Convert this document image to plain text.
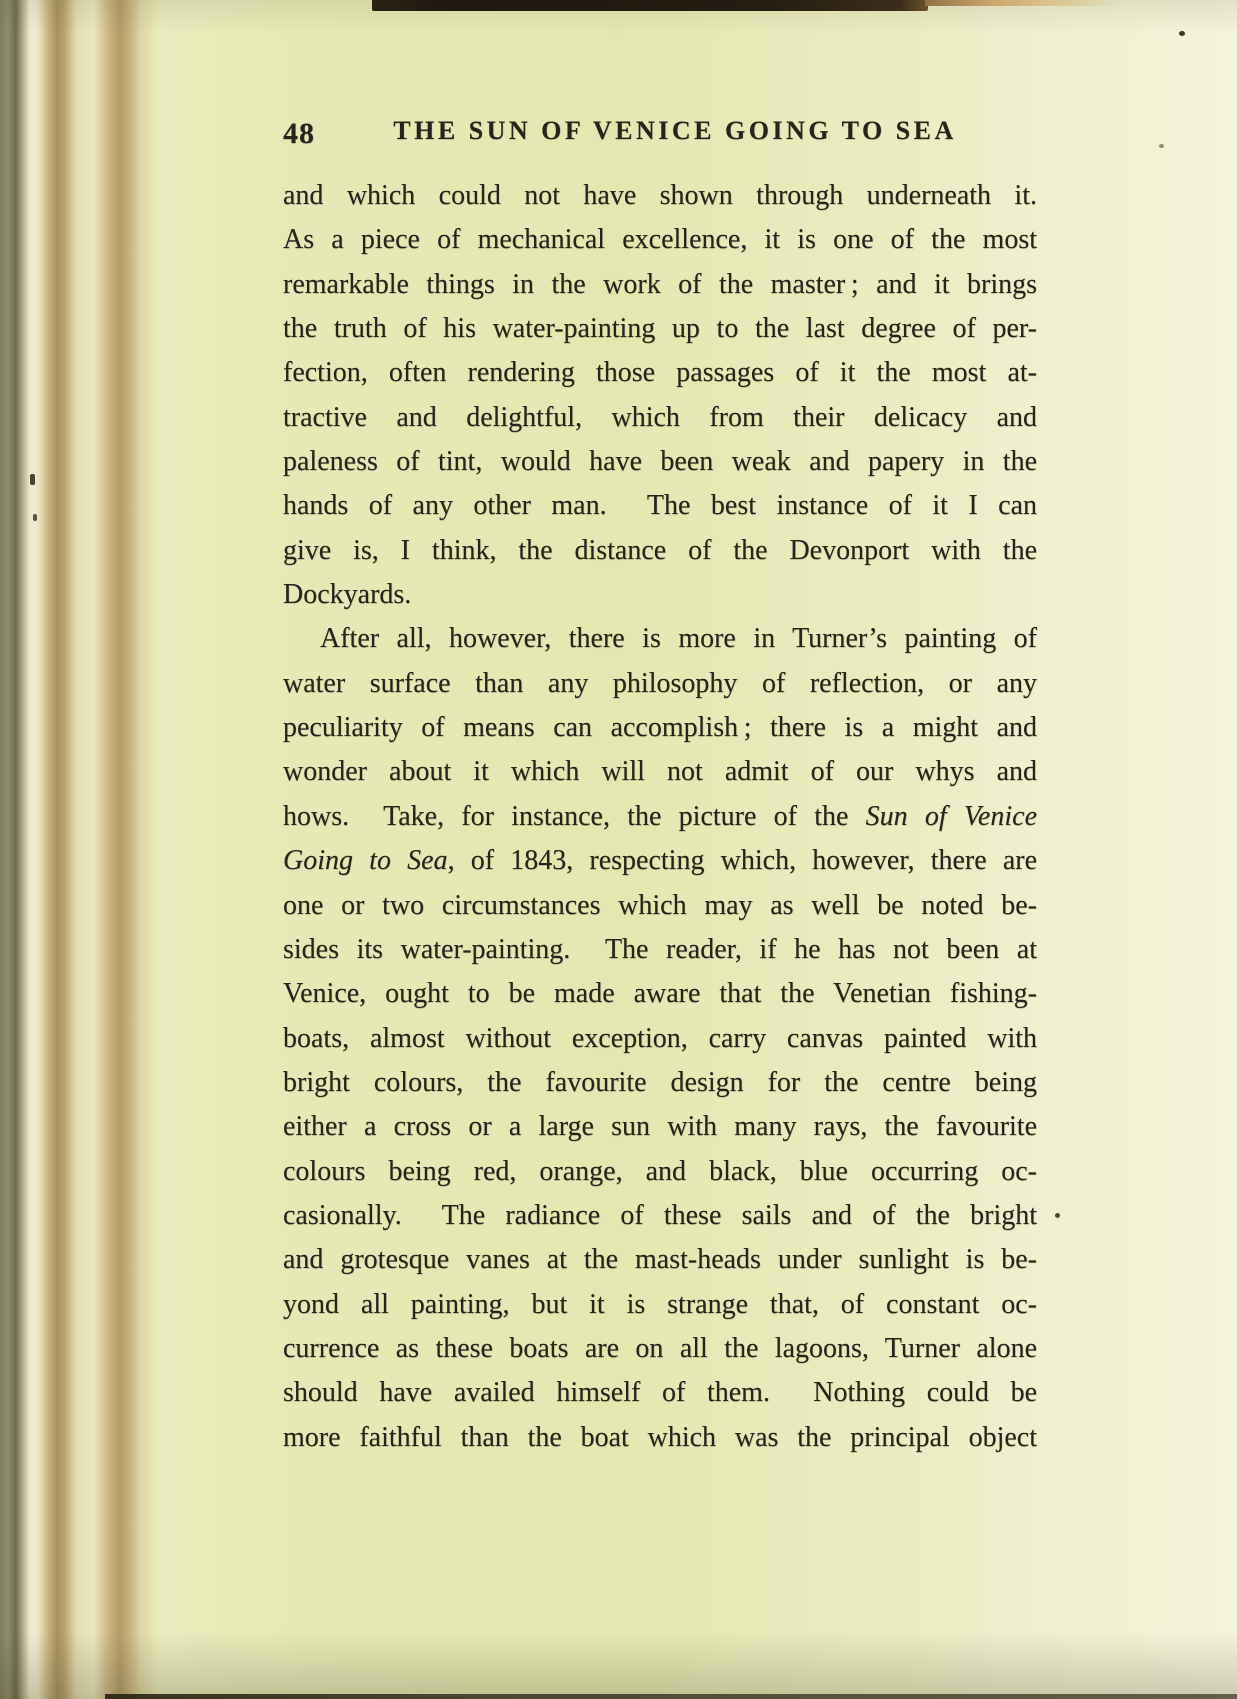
48	THE SUN OF VENICE GOING TO SEA
and which could not have shown through underneath it.
As a piece of mechanical excellence, it is one of the most
remarkable things in the work of the master ; and it brings
the truth of his water-painting up to the last degree of per-
fection, often rendering those passages of it the most at-
tractive and delightful, which from their delicacy and
paleness of tint, would have been weak and papery in the
hands of any other man.  The best instance of it I can
give is, I think, the distance of the Devonport with the
Dockyards.
After all, however, there is more in Turner’s painting of
water surface than any philosophy of reflection, or any
peculiarity of means can accomplish ; there is a might and
wonder about it which will not admit of our whys and
hows.  Take, for instance, the picture of the Sun of Venice
Going to Sea, of 1843, respecting which, however, there are
one or two circumstances which may as well be noted be-
sides its water-painting.  The reader, if he has not been at
Venice, ought to be made aware that the Venetian fishing-
boats, almost without exception, carry canvas painted with
bright colours, the favourite design for the centre being
either a cross or a large sun with many rays, the favourite
colours being red, orange, and black, blue occurring oc-
casionally.  The radiance of these sails and of the bright
and grotesque vanes at the mast-heads under sunlight is be-
yond all painting, but it is strange that, of constant oc-
currence as these boats are on all the lagoons, Turner alone
should have availed himself of them.  Nothing could be
more faithful than the boat which was the principal object
